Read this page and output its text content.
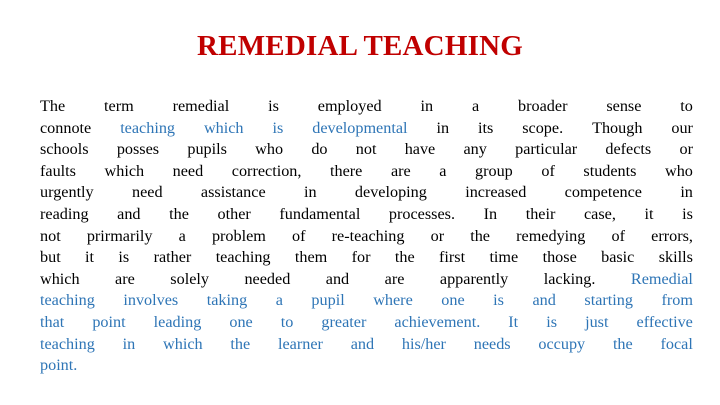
REMEDIAL TEACHING
The term remedial is employed in a broader sense to
connote teaching which is developmental in its scope. Though our
schools posses pupils who do not have any particular defects or
faults which need correction, there are a group of students who
urgently need assistance in developing increased competence in
reading and the other fundamental processes. In their case, it is
not prirmarily a problem of re-teaching or the remedying of errors,
but it is rather teaching them for the first time those basic skills
which are solely needed and are apparently lacking. Remedial
teaching involves taking a pupil where one is and starting from
that point leading one to greater achievement. It is just effective
teaching in which the learner and his/her needs occupy the focal
point.
